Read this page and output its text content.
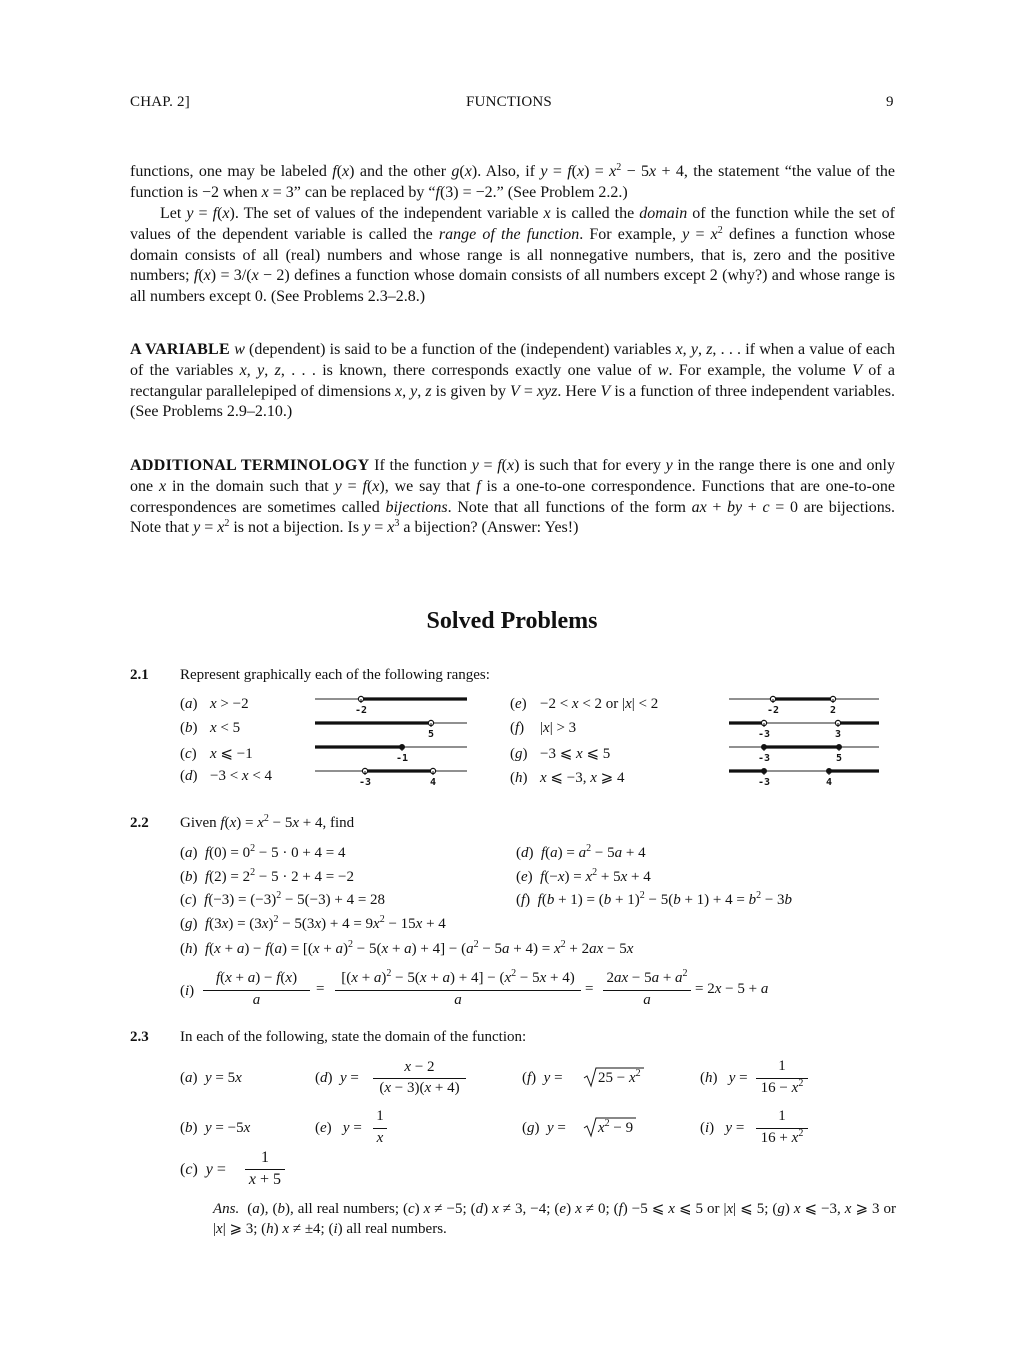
CHAP. 2]	FUNCTIONS	9
functions, one may be labeled f(x) and the other g(x). Also, if $y = f(x) = x^2 - 5x + 4$, the statement “the value of the function is −2 when x = 3” can be replaced by “f(3) = −2.” (See Problem 2.2.)
Let y = f(x). The set of values of the independent variable x is called the domain of the function while the set of values of the dependent variable is called the range of the function. For example, $y = x^2$ defines a function whose domain consists of all (real) numbers and whose range is all nonnegative numbers, that is, zero and the positive numbers; f(x) = 3/(x − 2) defines a function whose domain consists of all numbers except 2 (why?) and whose range is all numbers except 0. (See Problems 2.3–2.8.)
A VARIABLE w (dependent) is said to be a function of the (independent) variables x, y, z, . . . if when a value of each of the variables x, y, z, . . . is known, there corresponds exactly one value of w. For example, the volume V of a rectangular parallelepiped of dimensions x, y, z is given by V = xyz. Here V is a function of three independent variables. (See Problems 2.9–2.10.)
ADDITIONAL TERMINOLOGY If the function y = f(x) is such that for every y in the range there is one and only one x in the domain such that y = f(x), we say that f is a one-to-one correspondence. Functions that are one-to-one correspondences are sometimes called bijections. Note that all functions of the form ax + by + c = 0 are bijections. Note that $y = x^2$ is not a bijection. Is $y = x^3$ a bijection? (Answer: Yes!)
Solved Problems
2.1 Represent graphically each of the following ranges:
(a) x > −2
(b) x < 5
(c) x ⩽ −1
(d) −3 < x < 4
(e) −2 < x < 2 or |x| < 2
(f) |x| > 3
(g) −3 ⩽ x ⩽ 5
(h) x ⩽ −3, x ⩾ 4
-2
5
-1
-3	4
-2	2
-3	3
-3	5
-3	4
2.2 Given $f(x) = x^2 - 5x + 4$, find
(a)  $f(0) = 0^2 - 5 \cdot 0 + 4 = 4$	(d)  $f(a) = a^2 - 5a + 4$
(b)  $f(2) = 2^2 - 5 \cdot 2 + 4 = -2$	(e)  $f(-x) = x^2 + 5x + 4$
(c)  $f(-3) = (-3)^2 - 5(-3) + 4 = 28$	(f)  $f(b + 1) = (b + 1)^2 - 5(b + 1) + 4 = b^2 - 3b$
(g)  $f(3x) = (3x)^2 - 5(3x) + 4 = 9x^2 - 15x + 4$
(h)  $f(x + a) - f(a) = [(x + a)^2 - 5(x + a) + 4] - (a^2 - 5a + 4) = x^2 + 2ax - 5x$
(i)
f(x + a) − f(x)
a
=
$[(x + a)^2 - 5(x + a) + 4] - (x^2 - 5x + 4)$
a
=
$2ax - 5a + a^2$
a
= 2x − 5 + a
2.3 In each of the following, state the domain of the function:
(a)  y = 5x
(b)  y = −5x
(c)  y =
1
x + 5
(d)  y =
x − 2
(x − 3)(x + 4)
(e)   y =
1
x
(f)  $y = 25 - x^2$
(g)  $y = x^2 - 9$
(h)   y =
1
$16 - x^2$
(i)   y =
1
$16 + x^2$
Ans.  (a), (b), all real numbers; (c) x ≠ −5; (d) x ≠ 3, −4; (e) x ≠ 0; (f) −5 ⩽ x ⩽ 5 or |x| ⩽ 5; (g) x ⩽ −3, x ⩾ 3 or |x| ⩾ 3; (h) x ≠ ±4; (i) all real numbers.
